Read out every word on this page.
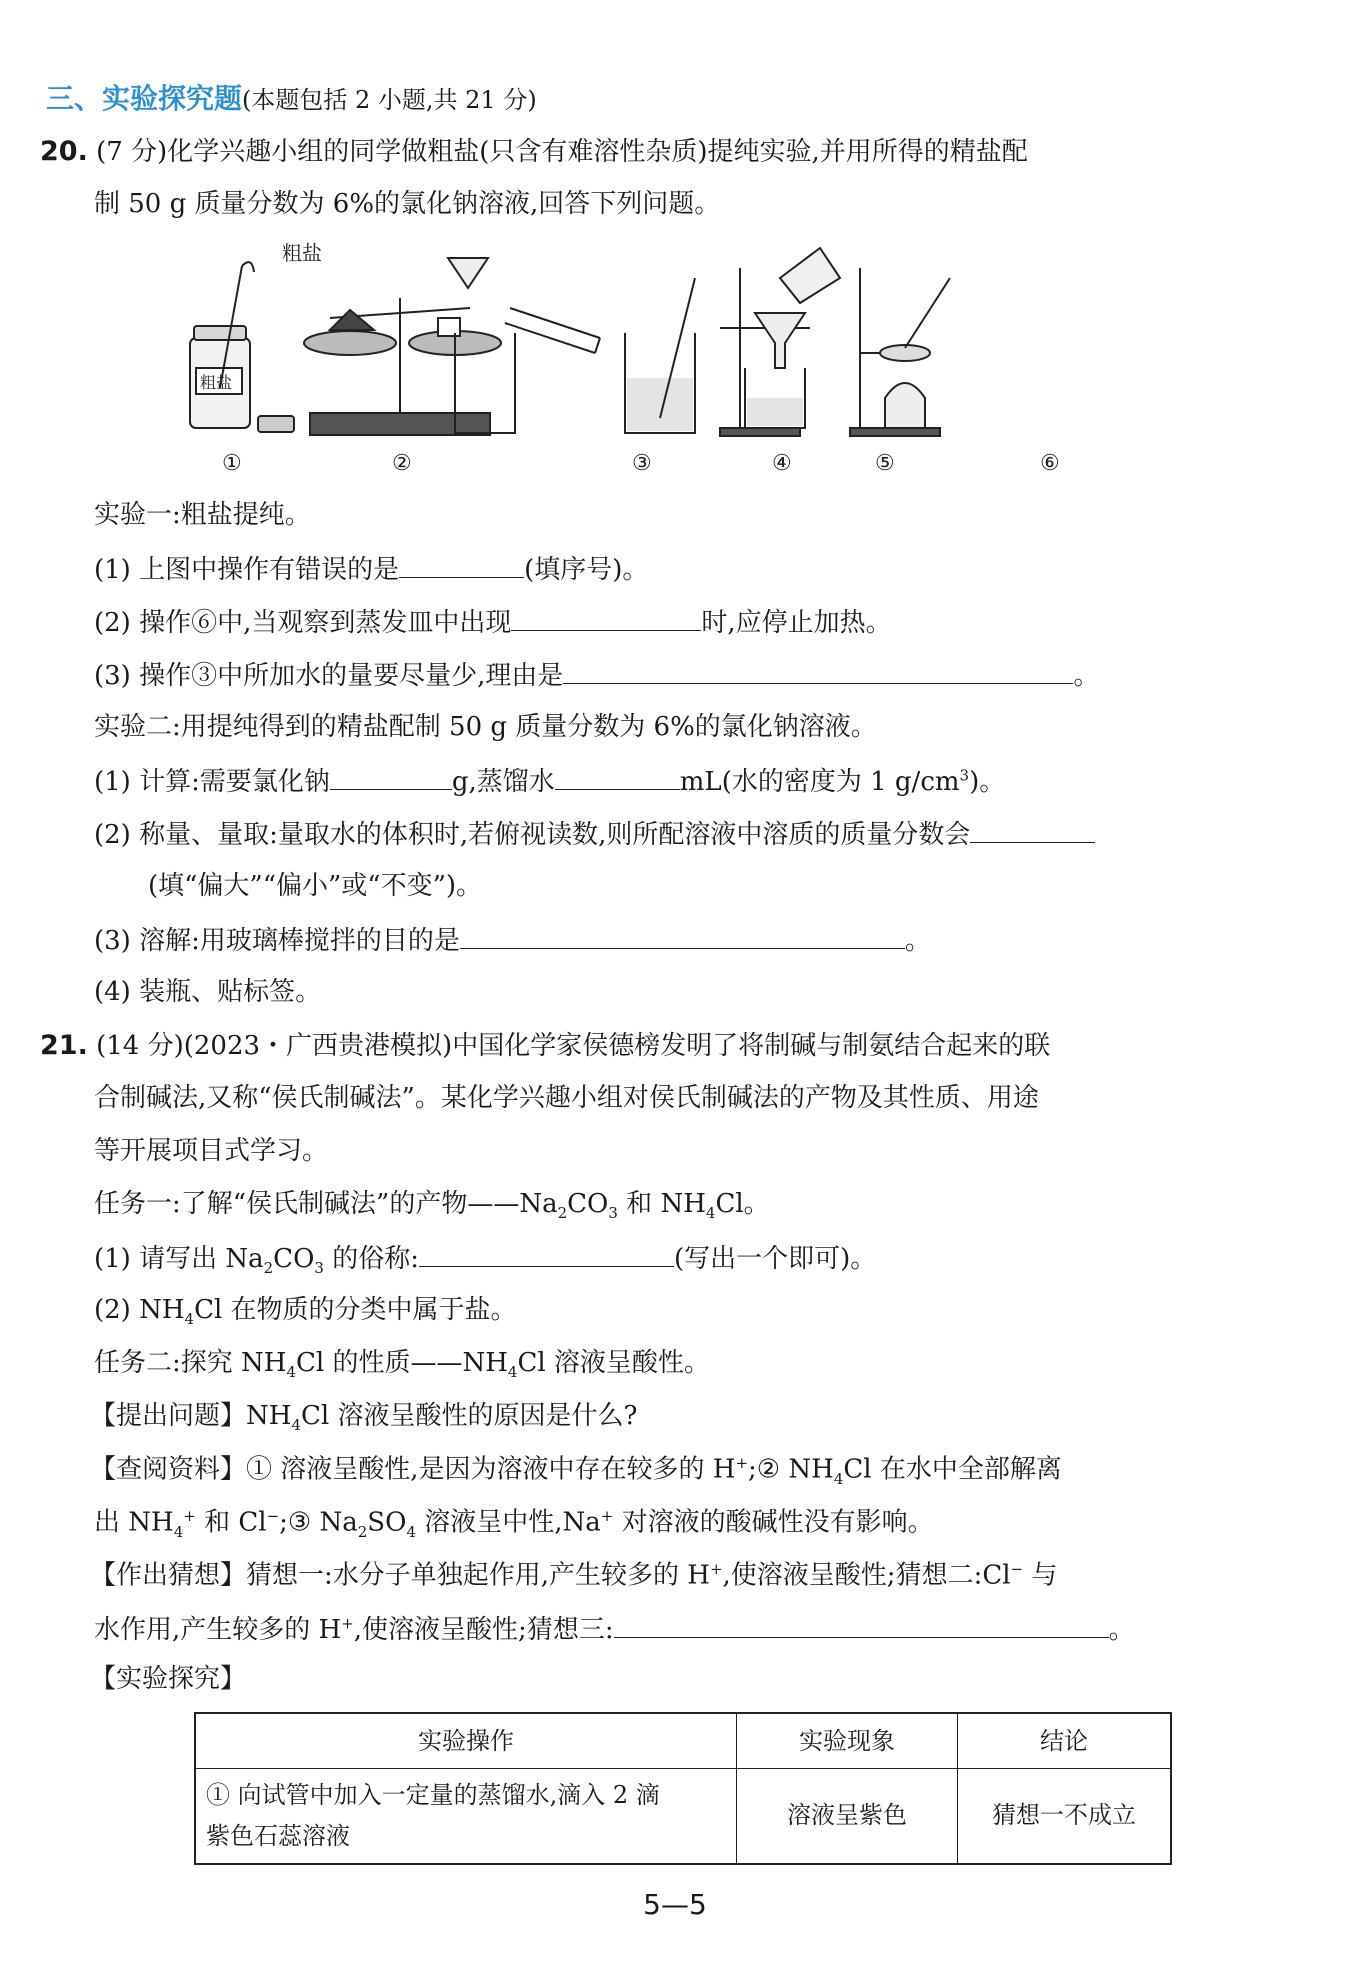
三、实验探究题(本题包括 2 小题,共 21 分)
20. (7 分)化学兴趣小组的同学做粗盐(只含有难溶性杂质)提纯实验,并用所得的精盐配
制 50 g 质量分数为 6%的氯化钠溶液,回答下列问题。
粗盐
粗盐
①	②	③	④	⑤	⑥
实验一:粗盐提纯。
(1) 上图中操作有错误的是	(填序号)。
(2) 操作⑥中,当观察到蒸发皿中出现	时,应停止加热。
(3) 操作③中所加水的量要尽量少,理由是	。
实验二:用提纯得到的精盐配制 50 g 质量分数为 6%的氯化钠溶液。
(1) 计算:需要氯化钠	g,蒸馏水	mL(水的密度为 1 $g/cm^3$)。
(2) 称量、量取:量取水的体积时,若俯视读数,则所配溶液中溶质的质量分数会
(填“偏大”“偏小”或“不变”)。
(3) 溶解:用玻璃棒搅拌的目的是	。
(4) 装瓶、贴标签。
21. (14 分)(2023・广西贵港模拟)中国化学家侯德榜发明了将制碱与制氨结合起来的联
合制碱法,又称“侯氏制碱法”。某化学兴趣小组对侯氏制碱法的产物及其性质、用途
等开展项目式学习。
任务一:了解“侯氏制碱法”的产物$——Na_2CO_3$ 和 $NH_4Cl$。
(1) 请写出 $Na_2CO_3$ 的俗称:	(写出一个即可)。
(2) $NH_4Cl$ 在物质的分类中属于盐。
任务二:探究 $NH_4Cl$ 的性质$——NH_4Cl$ 溶液呈酸性。
【提出问题】$NH_4Cl$ 溶液呈酸性的原因是什么?
【查阅资料】① 溶液呈酸性,是因为溶液中存在较多的 H+;② $NH_4Cl$ 在水中全部解离
出 $NH_4^+$ 和 Cl−;③ $Na_2SO_4$ 溶液呈中性,Na+ 对溶液的酸碱性没有影响。
【作出猜想】猜想一:水分子单独起作用,产生较多的 H+,使溶液呈酸性;猜想二:Cl− 与
水作用,产生较多的 H+,使溶液呈酸性;猜想三:	。
【实验探究】
实验操作	实验现象	结论

① 向试管中加入一定量的蒸馏水,滴入 2 滴
紫色石蕊溶液	溶液呈紫色	猜想一不成立
5—5
